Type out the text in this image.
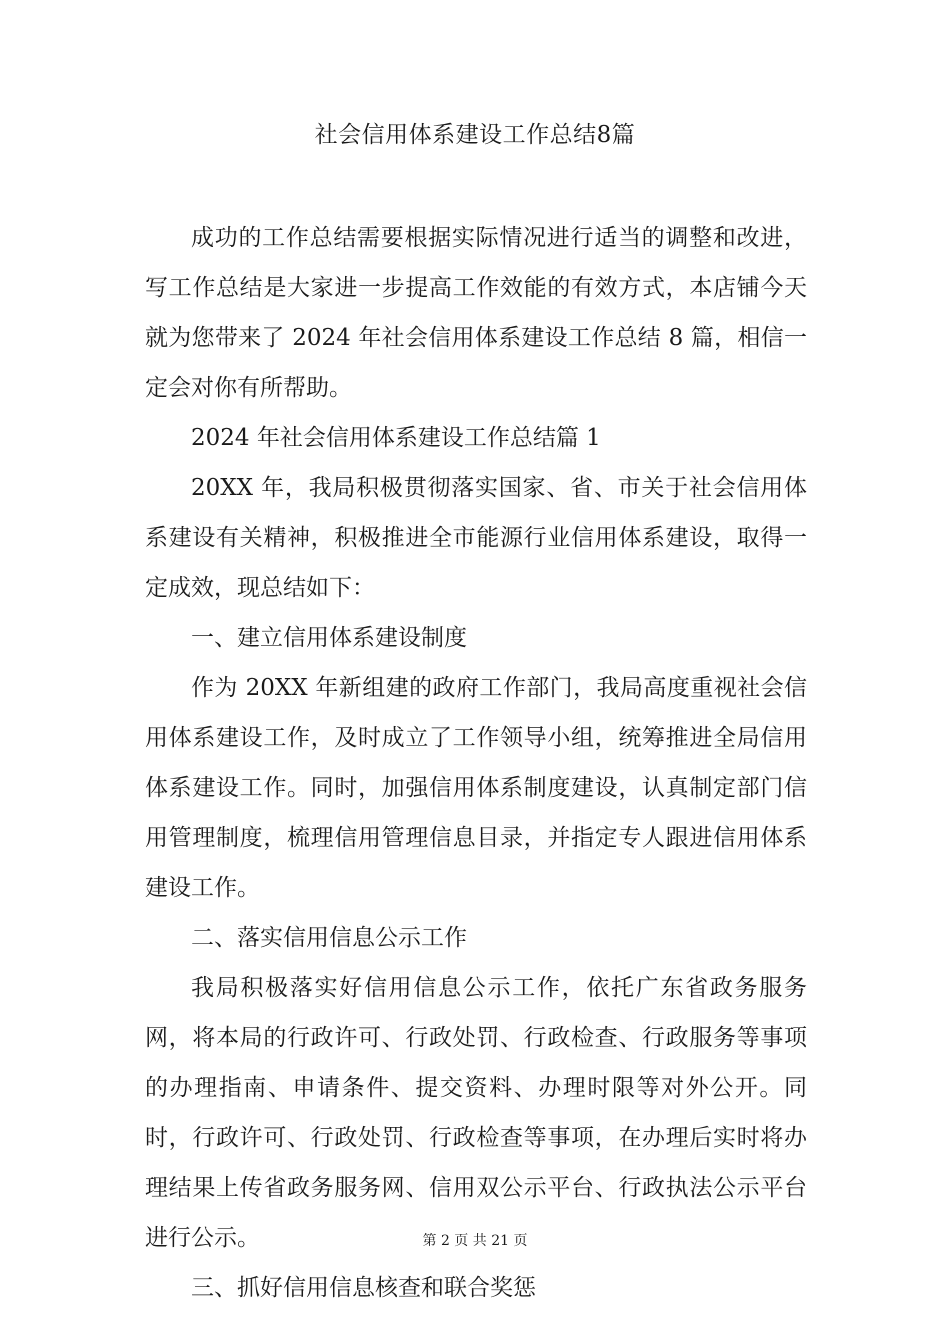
社会信用体系建设工作总结8篇

成功的工作总结需要根据实际情况进行适当的调整和改进，写工作总结是大家进一步提高工作效能的有效方式，本店铺今天就为您带来了 2024 年社会信用体系建设工作总结 8 篇，相信一定会对你有所帮助。

2024 年社会信用体系建设工作总结篇 1

20XX 年，我局积极贯彻落实国家、省、市关于社会信用体系建设有关精神，积极推进全市能源行业信用体系建设，取得一定成效，现总结如下：

一、建立信用体系建设制度

作为 20XX 年新组建的政府工作部门，我局高度重视社会信用体系建设工作，及时成立了工作领导小组，统筹推进全局信用体系建设工作。同时，加强信用体系制度建设，认真制定部门信用管理制度，梳理信用管理信息目录，并指定专人跟进信用体系建设工作。

二、落实信用信息公示工作

我局积极落实好信用信息公示工作，依托广东省政务服务网，将本局的行政许可、行政处罚、行政检查、行政服务等事项的办理指南、申请条件、提交资料、办理时限等对外公开。同时，行政许可、行政处罚、行政检查等事项，在办理后实时将办理结果上传省政务服务网、信用双公示平台、行政执法公示平台进行公示。

三、抓好信用信息核查和联合奖惩

第 2 页 共 21 页
